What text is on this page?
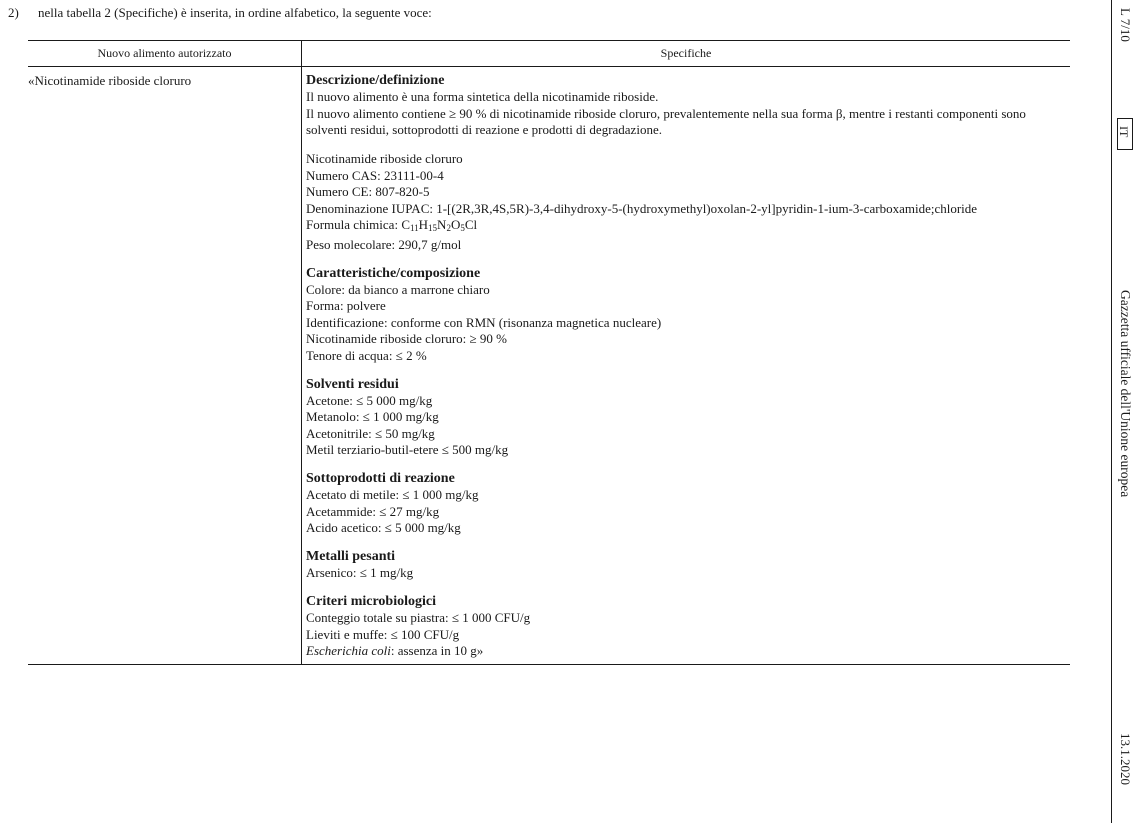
2) nella tabella 2 (Specifiche) è inserita, in ordine alfabetico, la seguente voce:
Nuovo alimento autorizzato	Specifiche
«Nicotinamide riboside cloruro	Descrizione/definizione
Il nuovo alimento è una forma sintetica della nicotinamide riboside.
Il nuovo alimento contiene ≥ 90 % di nicotinamide riboside cloruro, prevalentemente nella sua forma β, mentre i restanti componenti sono solventi residui, sottoprodotti di reazione e prodotti di degradazione.
Nicotinamide riboside cloruro
Numero CAS: 23111-00-4
Numero CE: 807-820-5
Denominazione IUPAC: 1-[(2R,3R,4S,5R)-3,4-dihydroxy-5-(hydroxymethyl)oxolan-2-yl]pyridin-1-ium-3-carboxamide;chloride
Formula chimica: $C_{11}H_{15}N_2O_5Cl$
Peso molecolare: 290,7 g/mol
Caratteristiche/composizione
Colore: da bianco a marrone chiaro
Forma: polvere
Identificazione: conforme con RMN (risonanza magnetica nucleare)
Nicotinamide riboside cloruro: ≥ 90 %
Tenore di acqua: ≤ 2 %
Solventi residui
Acetone: ≤ 5 000 mg/kg
Metanolo: ≤ 1 000 mg/kg
Acetonitrile: ≤ 50 mg/kg
Metil terziario-butil-etere ≤ 500 mg/kg
Sottoprodotti di reazione
Acetato di metile: ≤ 1 000 mg/kg
Acetammide: ≤ 27 mg/kg
Acido acetico: ≤ 5 000 mg/kg
Metalli pesanti
Arsenico: ≤ 1 mg/kg
Criteri microbiologici
Conteggio totale su piastra: ≤ 1 000 CFU/g
Lieviti e muffe: ≤ 100 CFU/g
Escherichia coli: assenza in 10 g»
L 7/10
IT
Gazzetta ufficiale dell'Unione europea
13.1.2020
